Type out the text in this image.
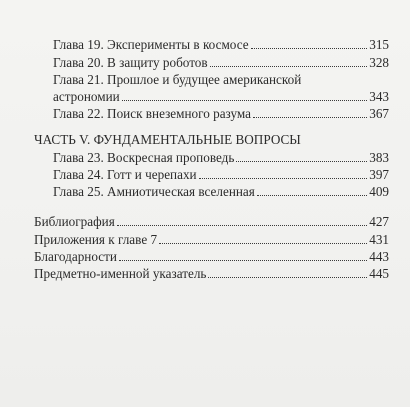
Глава 19. Эксперименты в космосе	315
Глава 20. В защиту роботов	328
Глава 21. Прошлое и будущее американской
астрономии	343
Глава 22. Поиск внеземного разума	367
ЧАСТЬ V. ФУНДАМЕНТАЛЬНЫЕ ВОПРОСЫ
Глава 23. Воскресная проповедь	383
Глава 24. Готт и черепахи	397
Глава 25. Амниотическая вселенная	409
Библиография	427
Приложения к главе 7	431
Благодарности	443
Предметно-именной указатель	445
